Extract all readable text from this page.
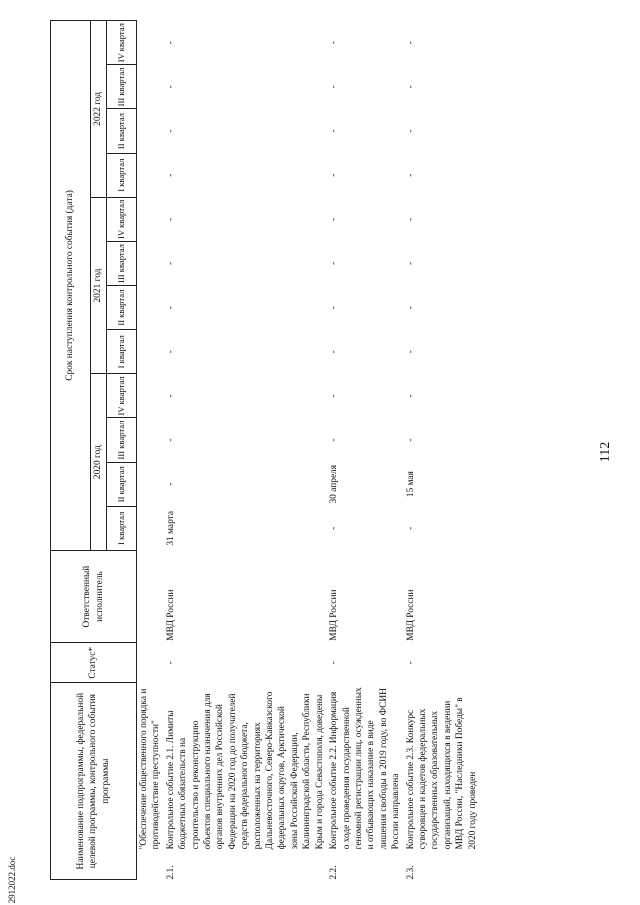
112
2912022.doc
Наименование подпрограммы, федеральной целевой программы, контрольного события программы		Статус*	Ответственный исполнитель	Срок наступления контрольного события (дата)											
				2020 год				2021 год				2022 год			
				I квартал	II квартал	III квартал	IV квартал	I квартал	II квартал	III квартал	IV квартал	I квартал	II квартал	III квартал	IV квартал
	"Обеспечение общественного порядка и противодействие преступности"														
2.1.	Контрольное событие 2.1. Лимиты бюджетных обязательств на строительство и реконструкцию объектов специального назначения для органов внутренних дел Российской Федерации на 2020 год до получателей средств федерального бюджета, расположенных на территориях Дальневосточного, Северо-Кавказского федеральных округов, Арктической зоны Российской Федерации, Калининградской области, Республики Крым и города Севастополя, доведены	-	МВД России	31 марта	-	-	-	-	-	-	-	-	-	-	-
2.2.	Контрольное событие 2.2. Информация о ходе проведения государственной геномной регистрации лиц, осужденных и отбывающих наказание в виде лишения свободы в 2019 году, во ФСИН России направлена	-	МВД России	-	30 апреля	-	-	-	-	-	-	-	-	-	-
2.3.	Контрольное событие 2.3. Конкурс суворовцев и кадетов федеральных государственных образовательных организаций, находящихся в ведении МВД России, "Наследники Победы" в 2020 году проведен	-	МВД России	-	15 мая	-	-	-	-	-	-	-	-	-	-
